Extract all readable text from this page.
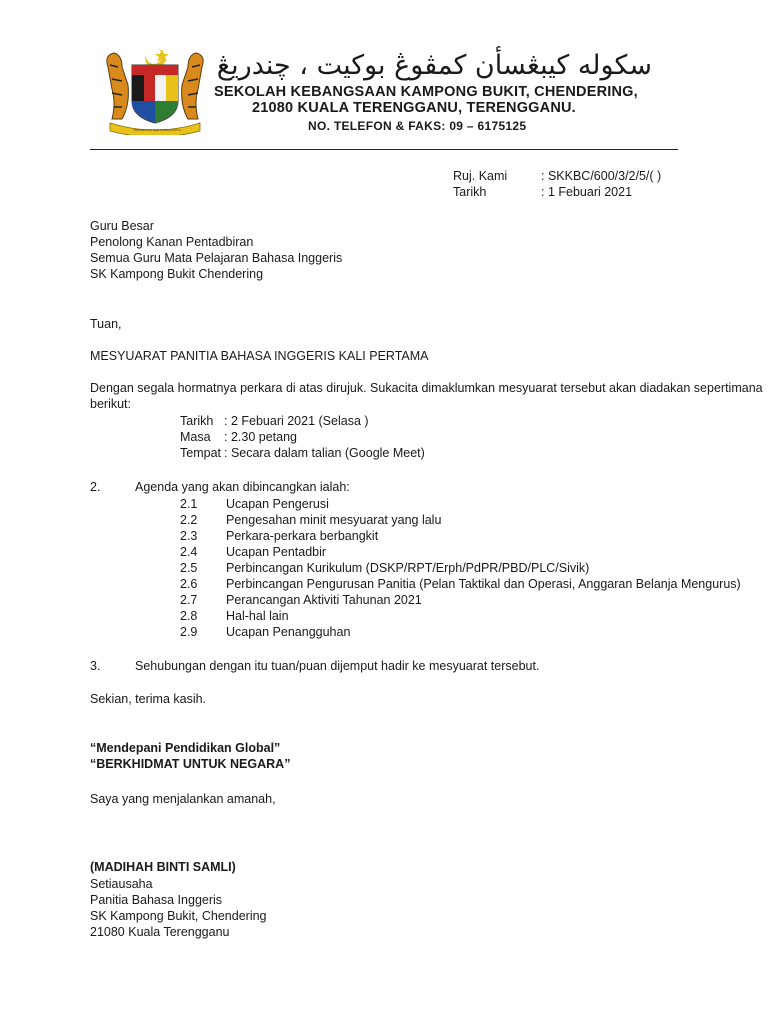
BERSEKUTU BERTAMBAH MUTU
سكوله كيبڠسأن كمڤوڠ بوكيت ، چندريڠ
SEKOLAH KEBANGSAAN KAMPONG BUKIT, CHENDERING,
21080 KUALA TERENGGANU, TERENGGANU.
NO. TELEFON & FAKS: 09 – 6175125
Ruj. Kami	: SKKBC/600/3/2/5/( )
Tarikh	: 1 Febuari 2021
Guru Besar
Penolong Kanan Pentadbiran
Semua Guru Mata Pelajaran Bahasa Inggeris
SK Kampong Bukit Chendering
Tuan,
MESYUARAT PANITIA BAHASA INGGERIS KALI PERTAMA
Dengan segala hormatnya perkara di atas dirujuk. Sukacita dimaklumkan mesyuarat tersebut akan diadakan sepertimana
berikut:
Tarikh : 2 Febuari 2021 (Selasa )
Masa : 2.30 petang
Tempat : Secara dalam talian (Google Meet)
2.	Agenda yang akan dibincangkan ialah:
2.1 Ucapan Pengerusi
2.2 Pengesahan minit mesyuarat yang lalu
2.3 Perkara-perkara berbangkit
2.4 Ucapan Pentadbir
2.5 Perbincangan Kurikulum (DSKP/RPT/Erph/PdPR/PBD/PLC/Sivik)
2.6 Perbincangan Pengurusan Panitia (Pelan Taktikal dan Operasi, Anggaran Belanja Mengurus)
2.7 Perancangan Aktiviti Tahunan 2021
2.8 Hal-hal lain
2.9 Ucapan Penangguhan
3.	Sehubungan dengan itu tuan/puan dijemput hadir ke mesyuarat tersebut.
Sekian, terima kasih.
“Mendepani Pendidikan Global”
“BERKHIDMAT UNTUK NEGARA”
Saya yang menjalankan amanah,
(MADIHAH BINTI SAMLI)
Setiausaha
Panitia Bahasa Inggeris
SK Kampong Bukit, Chendering
21080 Kuala Terengganu
